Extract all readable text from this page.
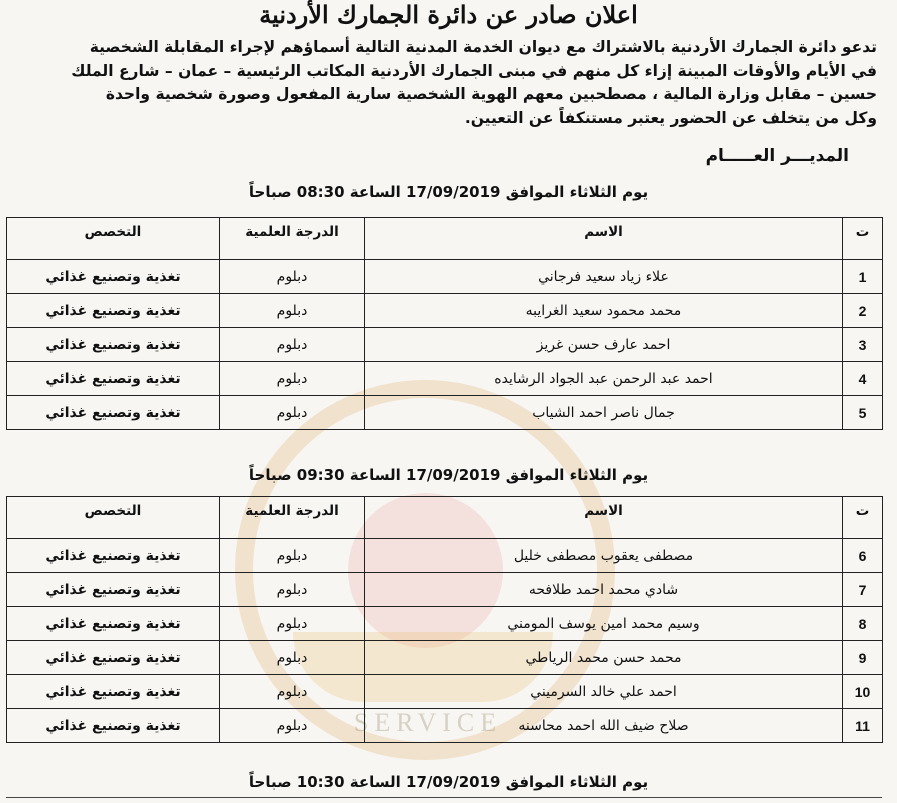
SERVICE
اعلان صادر عن دائرة الجمارك الأردنية
تدعو دائرة الجمارك الأردنية بالاشتراك مع ديوان الخدمة المدنية التالية أسماؤهم لإجراء المقابلة الشخصية
في الأيام والأوقات المبينة إزاء كل منهم في مبنى الجمارك الأردنية المكاتب الرئيسية – عمان – شارع الملك
حسين – مقابل وزارة المالية ، مصطحبين معهم الهوية الشخصية سارية المفعول وصورة شخصية واحدة
وكل من يتخلف عن الحضور يعتبر مستنكفاً عن التعيين.
المديـــر العـــــام
يوم الثلاثاء الموافق 17/09/2019 الساعة 08:30 صباحاً
ت	الاسم	الدرجة العلمية	التخصص
1	علاء زياد سعيد فرجاني	دبلوم	تغذية وتصنيع غذائي
2	محمد محمود سعيد الغرايبه	دبلوم	تغذية وتصنيع غذائي
3	احمد عارف حسن غريز	دبلوم	تغذية وتصنيع غذائي
4	احمد عبد الرحمن عبد الجواد الرشايده	دبلوم	تغذية وتصنيع غذائي
5	جمال ناصر احمد الشياب	دبلوم	تغذية وتصنيع غذائي
يوم الثلاثاء الموافق 17/09/2019 الساعة 09:30 صباحاً
ت	الاسم	الدرجة العلمية	التخصص
6	مصطفى يعقوب مصطفى خليل	دبلوم	تغذية وتصنيع غذائي
7	شادي محمد احمد طلافحه	دبلوم	تغذية وتصنيع غذائي
8	وسيم محمد امين يوسف المومني	دبلوم	تغذية وتصنيع غذائي
9	محمد حسن محمد الرياطي	دبلوم	تغذية وتصنيع غذائي
10	احمد علي خالد السرميني	دبلوم	تغذية وتصنيع غذائي
11	صلاح ضيف الله احمد محاسنه	دبلوم	تغذية وتصنيع غذائي
يوم الثلاثاء الموافق 17/09/2019 الساعة 10:30 صباحاً
